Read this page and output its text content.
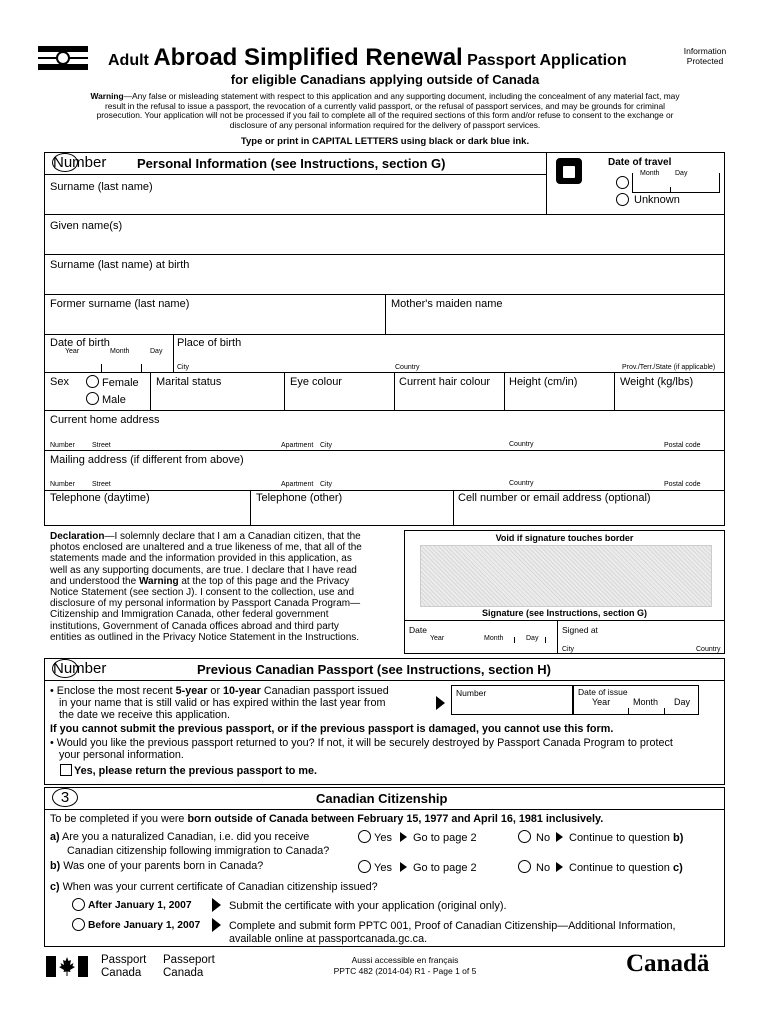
Adult Abroad Simplified Renewal Passport Application
Information
Protected
for eligible Canadians applying outside of Canada
Warning—Any false or misleading statement with respect to this application and any supporting document, including the concealment of any material fact, may
result in the refusal to issue a passport, the revocation of a currently valid passport, or the refusal of passport services, and may be grounds for criminal
prosecution. Your application will not be processed if you fail to complete all of the required sections of this form and/or refuse to consent to the exchange or
disclosure of any personal information required for the delivery of passport services.
Type or print in CAPITAL LETTERS using black or dark blue ink.
Number Personal Information (see Instructions, section G)	Date of travel
Month Day
Unknown
Surname (last name)
Given name(s)
Surname (last name) at birth
Former surname (last name)	Mother's maiden name
Date of birth
Year	Month	Day
Place of birth
City	Country	Prov./Terr./State (if applicable)
Sex	Female
Male
Marital status	Eye colour	Current hair colour Height (cm/in)	Weight (kg/lbs)
Current home address
Number Street	Apartment City	Country	Postal code
Mailing address (if different from above)
Number Street	Apartment City	Country	Postal code
Telephone (daytime)	Telephone (other)	Cell number or email address (optional)
Declaration—I solemnly declare that I am a Canadian citizen, that the
photos enclosed are unaltered and a true likeness of me, that all of the
statements made and the information provided in this application, as
well as any supporting documents, are true. I declare that I have read
and understood the Warning at the top of this page and the Privacy
Notice Statement (see section J). I consent to the collection, use and
disclosure of my personal information by Passport Canada Program—
Citizenship and Immigration Canada, other federal government
institutions, Government of Canada offices abroad and third party
entities as outlined in the Privacy Notice Statement in the Instructions.
Void if signature touches border
Signature (see Instructions, section G)
Date
Year	Month	Day
Signed at
City	Country
Number	Previous Canadian Passport (see Instructions, section H)
• Enclose the most recent 5-year or 10-year Canadian passport issued
in your name that is still valid or has expired within the last year from
the date we receive this application.
Number	Date of issue
Year	Month Day
If you cannot submit the previous passport, or if the previous passport is damaged, you cannot use this form.
• Would you like the previous passport returned to you? If not, it will be securely destroyed by Passport Canada Program to protect
your personal information.
Yes, please return the previous passport to me.
3	Canadian Citizenship
To be completed if you were born outside of Canada between February 15, 1977 and April 16, 1981 inclusively.
a) Are you a naturalized Canadian, i.e. did you receive
Canadian citizenship following immigration to Canada?
Yes Go to page 2	No Continue to question b)
b) Was one of your parents born in Canada?	Yes Go to page 2	No Continue to question c)
c) When was your current certificate of Canadian citizenship issued?
After January 1, 2007	Submit the certificate with your application (original only).
Before January 1, 2007	Complete and submit form PPTC 001, Proof of Canadian Citizenship—Additional Information,
available online at passportcanada.gc.ca.
Passport
Canada
Passeport
Canada
Aussi accessible en français
PPTC 482 (2014-04) R1 - Page 1 of 5	Canadä
